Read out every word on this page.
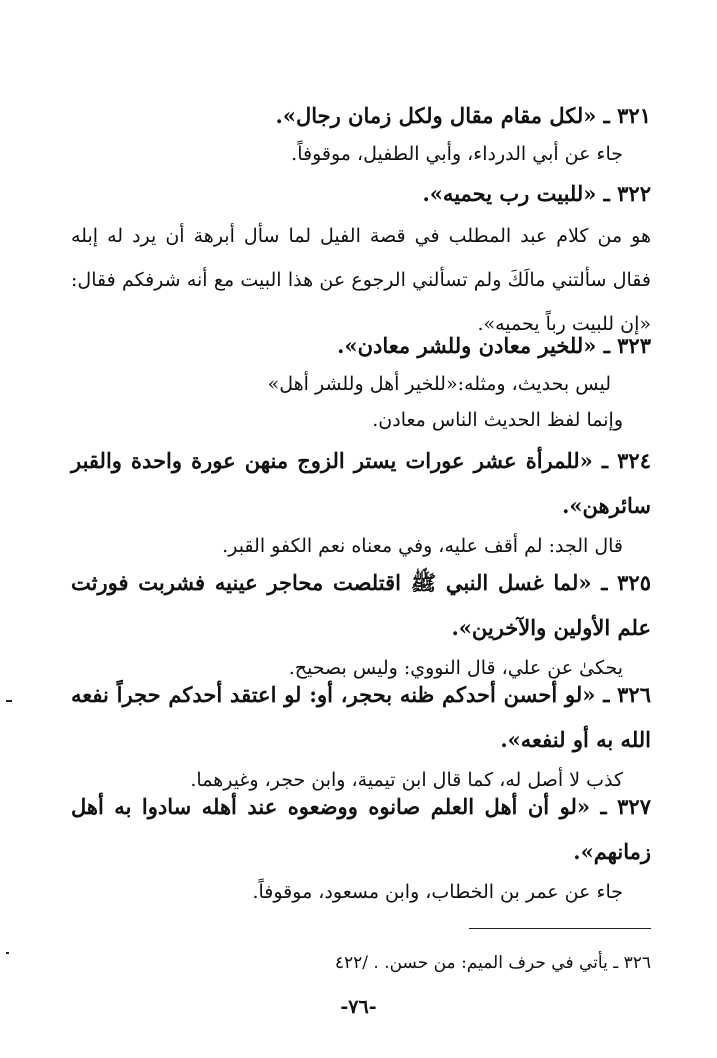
٣٢١ ـ «لكل مقام مقال ولكل زمان رجال».
جاء عن أبي الدرداء، وأبي الطفيل، موقوفاً.
٣٢٢ ـ «للبيت رب يحميه».
هو من كلام عبد المطلب في قصة الفيل لما سأل أبرهة أن يرد له إبله فقال سألتني مالَكَ ولم تسألني الرجوع عن هذا البيت مع أنه شرفكم فقال: «إن للبيت رباً يحميه».
٣٢٣ ـ «للخير معادن وللشر معادن».
ليس بحديث، ومثله:«للخير أهل وللشر أهل»
وإنما لفظ الحديث الناس معادن.
٣٢٤ ـ «للمرأة عشر عورات يستر الزوج منهن عورة واحدة والقبر سائرهن».
قال الجد: لم أقف عليه، وفي معناه نعم الكفو القبر.
٣٢٥ ـ «لما غسل النبي ﷺ اقتلصت محاجر عينيه فشربت فورثت علم الأولين والآخرين».
يحكىٰ عن علي، قال النووي: وليس بصحيح.
٣٢٦ ـ «لو أحسن أحدكم ظنه بحجر، أو: لو اعتقد أحدكم حجراً نفعه الله به أو لنفعه».
كذب لا أصل له، كما قال ابن تيمية، وابن حجر، وغيرهما.
٣٢٧ ـ «لو أن أهل العلم صانوه ووضعوه عند أهله سادوا به أهل زمانهم».
جاء عن عمر بن الخطاب، وابن مسعود، موقوفاً.
٣٢٦ ـ يأتي في حرف الميم: من حسن. . /٤٢٢
-٧٦-
